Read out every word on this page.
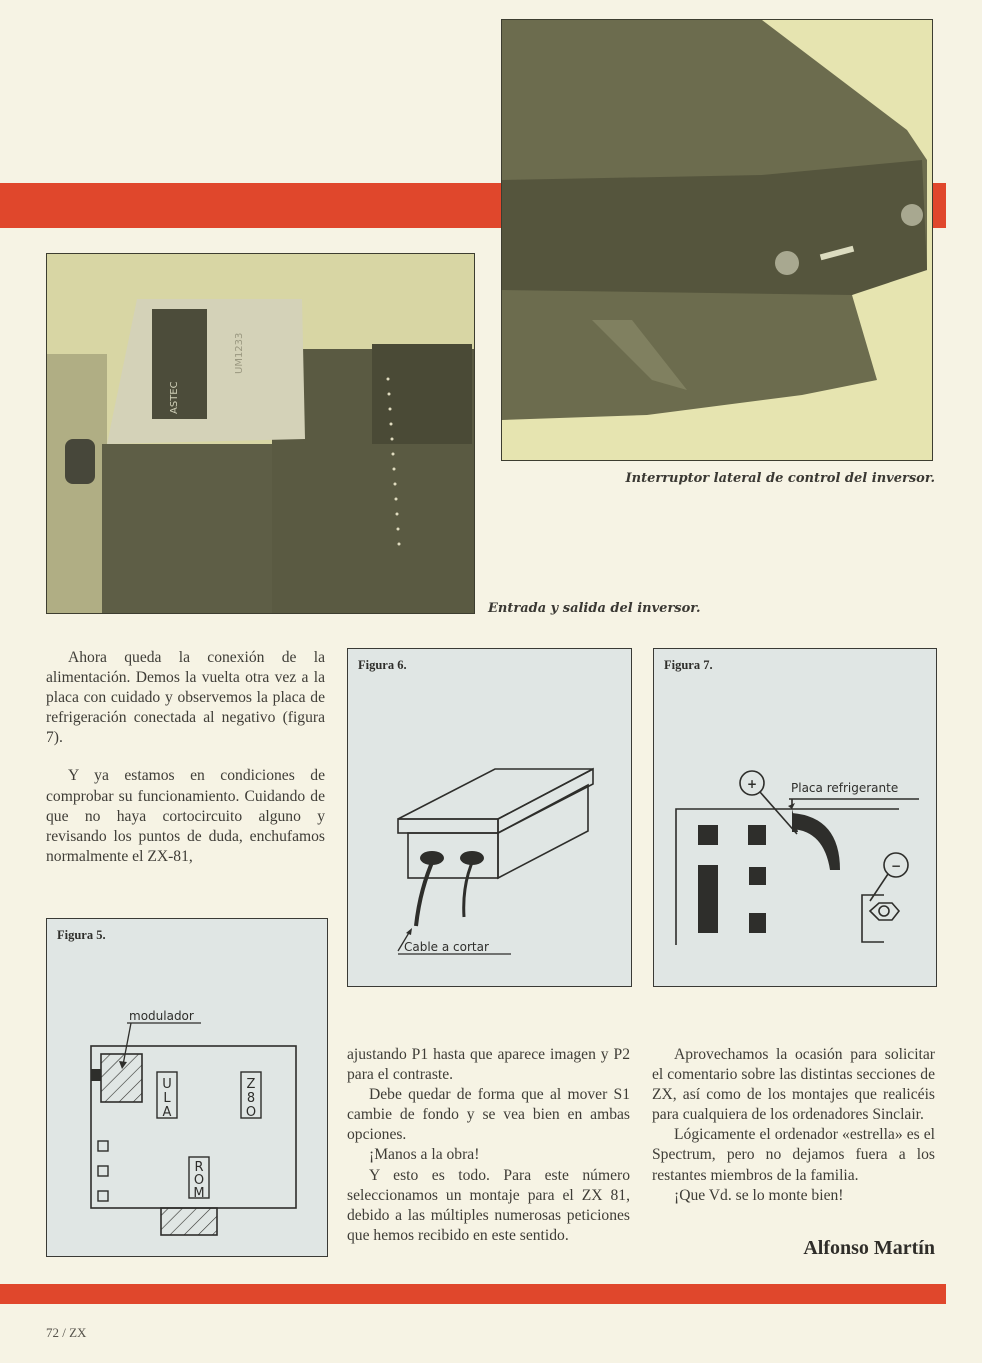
Interruptor lateral de control del inversor.
ASTEC
UM1233
Entrada y salida del inversor.

Ahora queda la conexión de la alimentación. Demos la vuelta otra vez a la placa con cuidado y observemos la placa de refrigeración conectada al negativo (figura 7).

Y ya estamos en condiciones de comprobar su funcionamiento. Cuidando de que no haya cortocircuito alguno y revisando los puntos de duda, enchufamos normalmente el ZX-81,

Figura 6.
Cable a cortar
Figura 7.
+
−
Placa refrigerante
Figura 5.
modulador
U
L
A
Z
8
O
R
O
M

ajustando P1 hasta que aparece imagen y P2 para el contraste.

Debe quedar de forma que al mover S1 cambie de fondo y se vea bien en ambas opciones.

¡Manos a la obra!

Y esto es todo. Para este número seleccionamos un montaje para el ZX 81, debido a las múltiples numerosas peticiones que hemos recibido en este sentido.

Aprovechamos la ocasión para solicitar el comentario sobre las distintas secciones de ZX, así como de los montajes que realicéis para cualquiera de los ordenadores Sinclair.

Lógicamente el ordenador «estrella» es el Spectrum, pero no dejamos fuera a los restantes miembros de la familia.

¡Que Vd. se lo monte bien!

Alfonso Martín
72 / ZX
